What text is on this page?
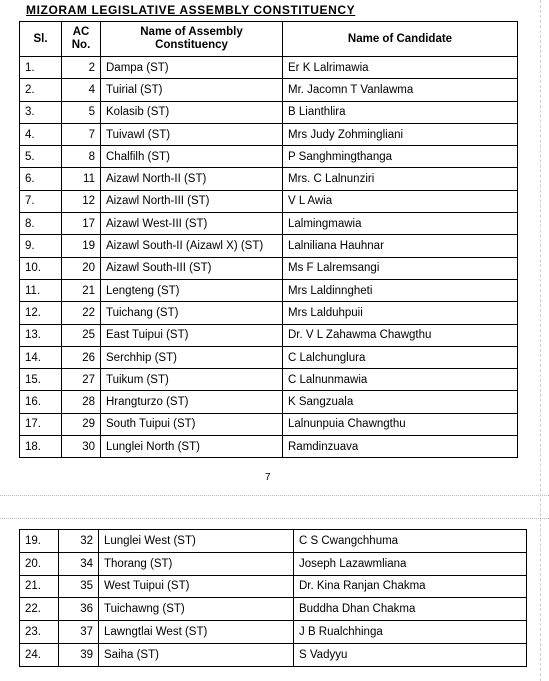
MIZORAM LEGISLATIVE ASSEMBLY CONSTITUENCY
Sl.	AC No.	Name of Assembly Constituency	Name of Candidate
1.	2	Dampa (ST)	Er K Lalrimawia
2.	4	Tuirial (ST)	Mr. Jacomn T Vanlawma
3.	5	Kolasib (ST)	B Lianthlira
4.	7	Tuivawl (ST)	Mrs Judy Zohmingliani
5.	8	Chalfilh (ST)	P Sanghmingthanga
6.	11	Aizawl North-II (ST)	Mrs. C Lalnunziri
7.	12	Aizawl North-III (ST)	V L Awia
8.	17	Aizawl West-III (ST)	Lalmingmawia
9.	19	Aizawl South-II (Aizawl X) (ST)	Lalniliana Hauhnar
10.	20	Aizawl South-III (ST)	Ms F Lalremsangi
11.	21	Lengteng (ST)	Mrs Laldinngheti
12.	22	Tuichang (ST)	Mrs Lalduhpuii
13.	25	East Tuipui (ST)	Dr. V L Zahawma Chawgthu
14.	26	Serchhip (ST)	C Lalchunglura
15.	27	Tuikum (ST)	C Lalnunmawia
16.	28	Hrangturzo (ST)	K Sangzuala
17.	29	South Tuipui (ST)	Lalnunpuia Chawngthu
18.	30	Lunglei North (ST)	Ramdinzuava
7
19.	32	Lunglei West (ST)	C S Cwangchhuma
20.	34	Thorang (ST)	Joseph Lazawmliana
21.	35	West Tuipui (ST)	Dr. Kina Ranjan Chakma
22.	36	Tuichawng (ST)	Buddha Dhan Chakma
23.	37	Lawngtlai West (ST)	J B Rualchhinga
24.	39	Saiha (ST)	S Vadyyu
